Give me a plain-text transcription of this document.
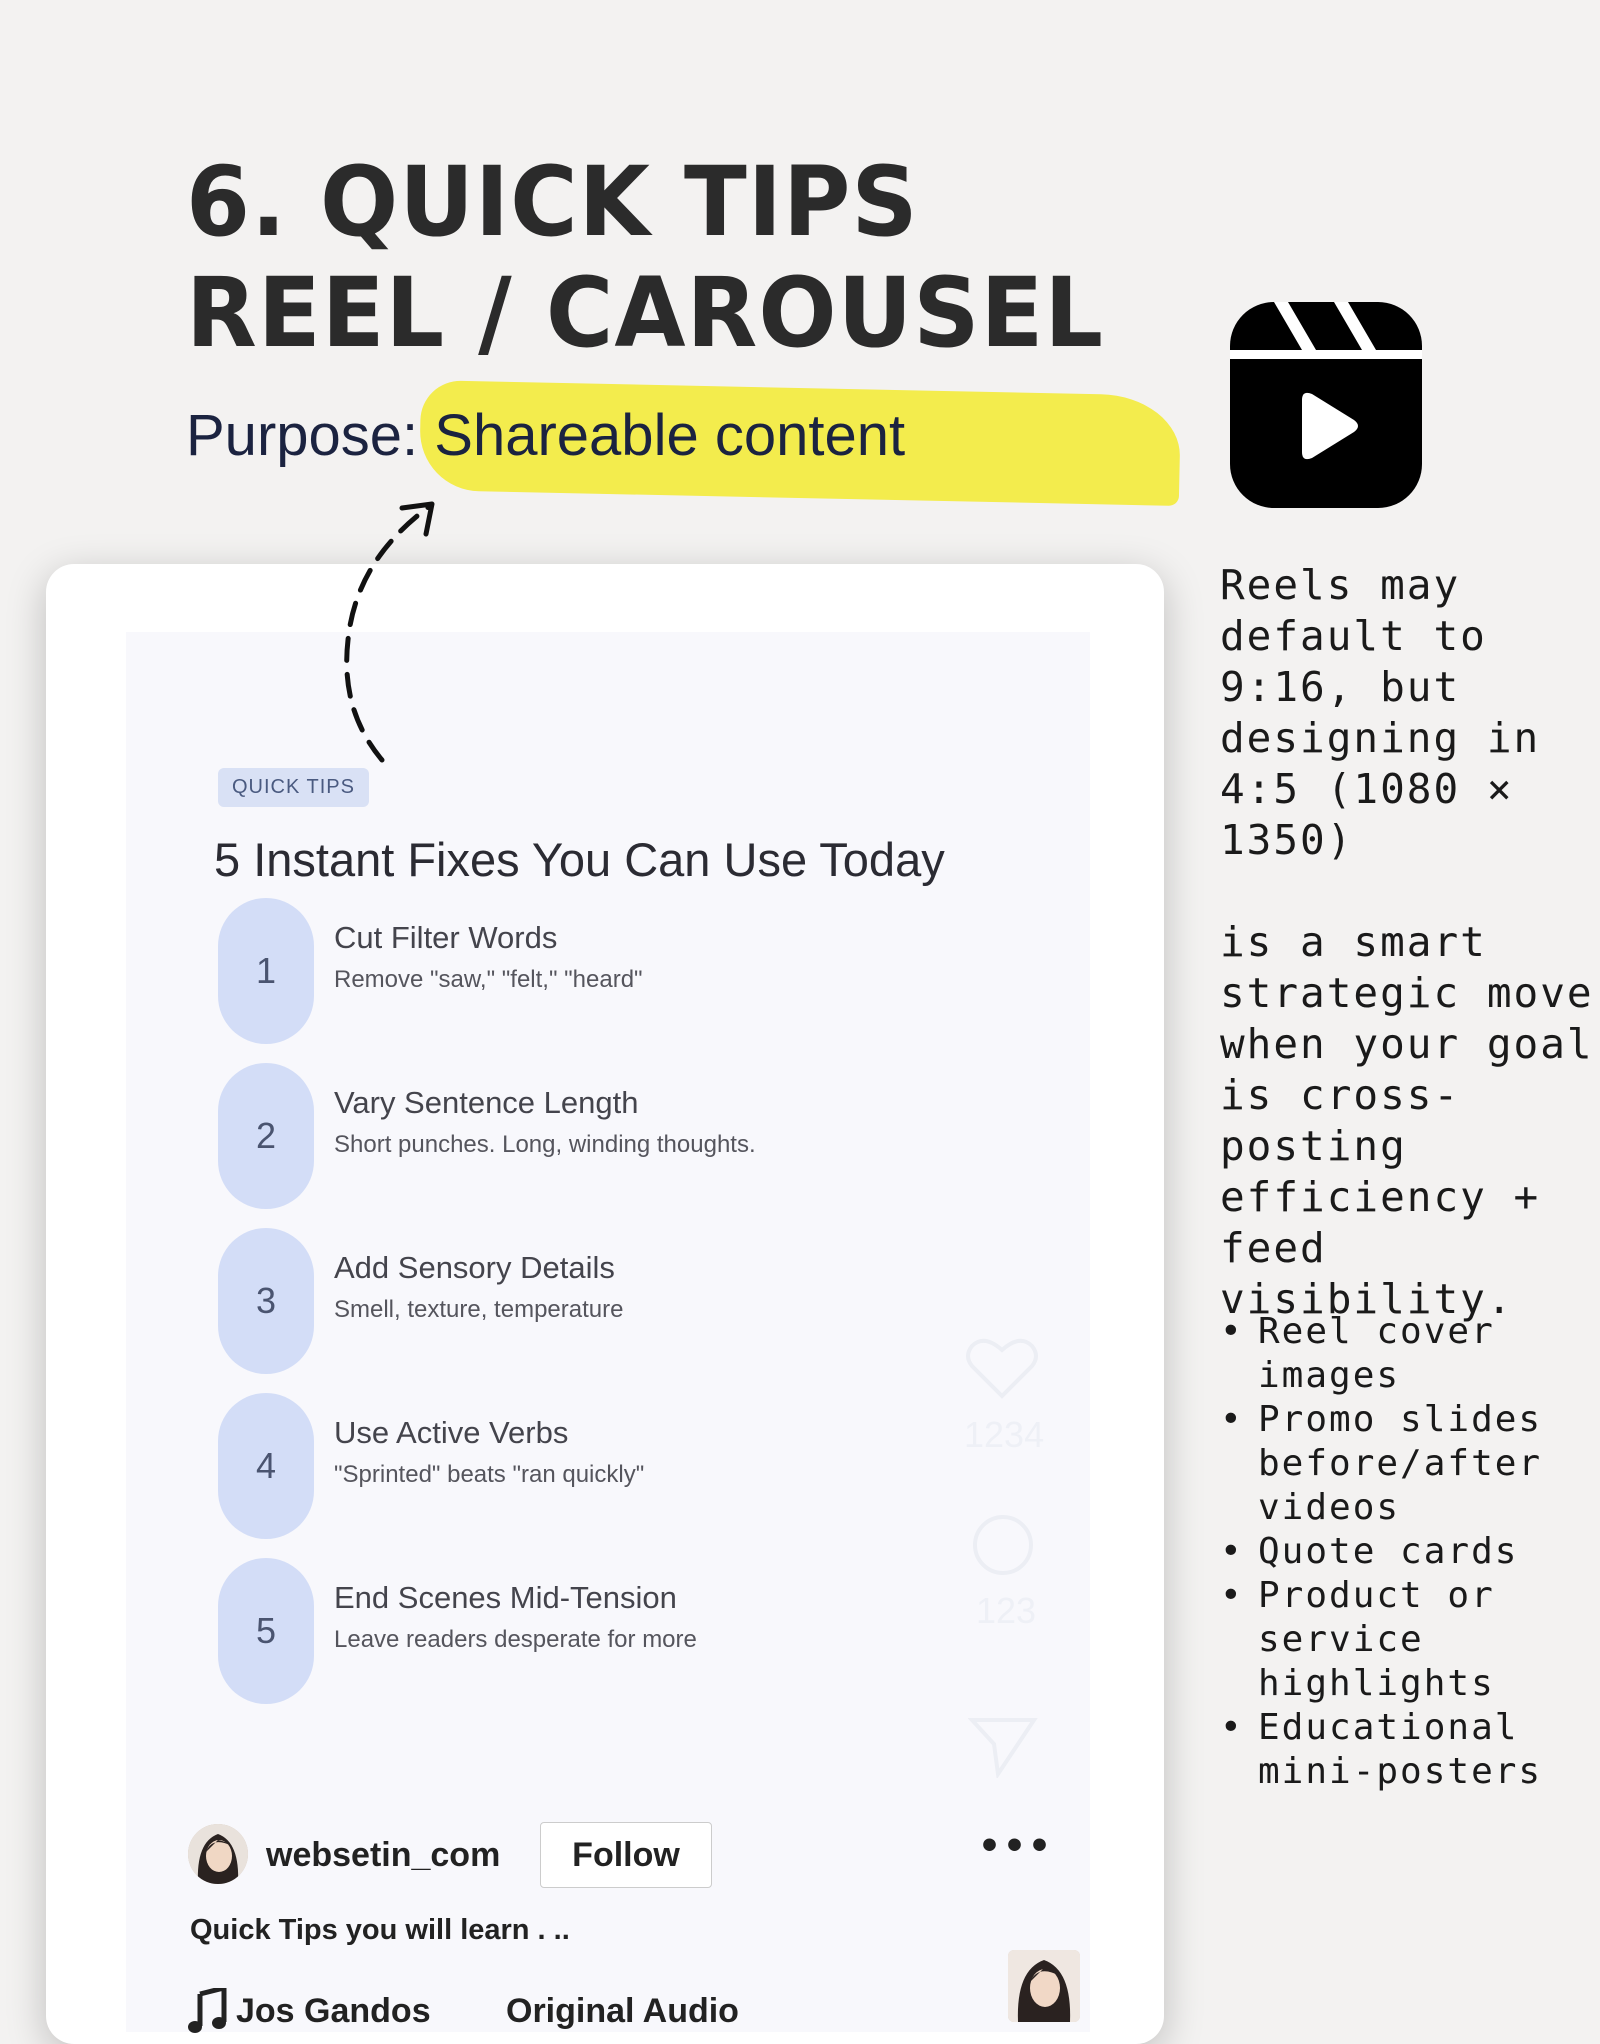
6. QUICK TIPS REEL / CAROUSEL
Purpose: Shareable content

Reels may default to 9:16, but designing in 4:5 (1080 × 1350)

is a smart strategic move when your goal is cross-posting efficiency + feed visibility.

• Reel cover images
• Promo slides before/after videos
• Quote cards
• Product or service highlights
• Educational mini-posters
QUICK TIPS
5 Instant Fixes You Can Use Today
1
Cut Filter Words
Remove "saw," "felt," "heard"
2
Vary Sentence Length
Short punches. Long, winding thoughts.
3
Add Sensory Details
Smell, texture, temperature
4
Use Active Verbs
"Sprinted" beats "ran quickly"
5
End Scenes Mid-Tension
Leave readers desperate for more
1234
123
websetin_com	Follow	•••
Quick Tips you will learn . ..
Jos Gandos Original Audio
